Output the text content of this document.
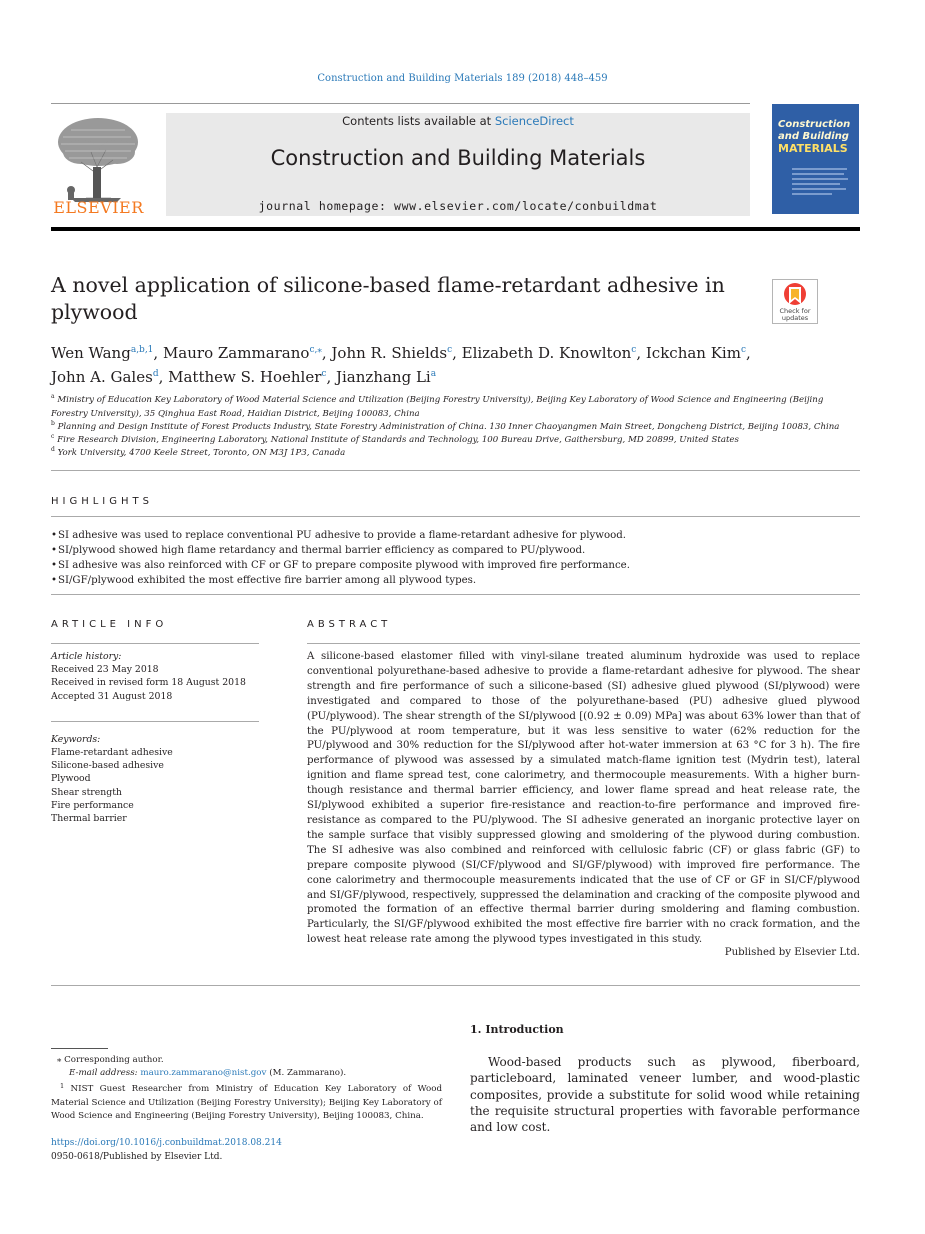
Construction and Building Materials 189 (2018) 448–459
ELSEVIER
Contents lists available at ScienceDirect
Construction and Building Materials
journal homepage: www.elsevier.com/locate/conbuildmat
Construction
and Building
MATERIALS
A novel application of silicone-based flame-retardant adhesive in plywood	Check for
updates
Wen Wang$^{a,b,1}$, Mauro Zammarano$^{c,⁎}$, John R. Shields$^c$, Elizabeth D. Knowlton$^c$, Ickchan Kim$^c$,
John A. Gales$^d$, Matthew S. Hoehler$^c$, Jianzhang Li$^a$
$^a$ Ministry of Education Key Laboratory of Wood Material Science and Utilization (Beijing Forestry University), Beijing Key Laboratory of Wood Science and Engineering (Beijing Forestry University), 35 Qinghua East Road, Haidian District, Beijing 100083, China
$^b$ Planning and Design Institute of Forest Products Industry, State Forestry Administration of China. 130 Inner Chaoyangmen Main Street, Dongcheng District, Beijing 10083, China
$^c$ Fire Research Division, Engineering Laboratory, National Institute of Standards and Technology, 100 Bureau Drive, Gaithersburg, MD 20899, United States
$^d$ York University, 4700 Keele Street, Toronto, ON M3J 1P3, Canada
HIGHLIGHTS
•SI adhesive was used to replace conventional PU adhesive to provide a flame-retardant adhesive for plywood.
•SI/plywood showed high flame retardancy and thermal barrier efficiency as compared to PU/plywood.
•SI adhesive was also reinforced with CF or GF to prepare composite plywood with improved fire performance.
•SI/GF/plywood exhibited the most effective fire barrier among all plywood types.
ARTICLE INFO
Article history:
Received 23 May 2018
Received in revised form 18 August 2018
Accepted 31 August 2018
Keywords:
Flame-retardant adhesive
Silicone-based adhesive
Plywood
Shear strength
Fire performance
Thermal barrier
ABSTRACT
A silicone-based elastomer filled with vinyl-silane treated aluminum hydroxide was used to replace conventional polyurethane-based adhesive to provide a flame-retardant adhesive for plywood. The shear strength and fire performance of such a silicone-based (SI) adhesive glued plywood (SI/plywood) were investigated and compared to those of the polyurethane-based (PU) adhesive glued plywood (PU/plywood). The shear strength of the SI/plywood [(0.92 ± 0.09) MPa] was about 63% lower than that of the PU/plywood at room temperature, but it was less sensitive to water (62% reduction for the PU/plywood and 30% reduction for the SI/plywood after hot-water immersion at 63 °C for 3 h). The fire performance of plywood was assessed by a simulated match-flame ignition test (Mydrin test), lateral ignition and flame spread test, cone calorimetry, and thermocouple measurements. With a higher burn-though resistance and thermal barrier efficiency, and lower flame spread and heat release rate, the SI/plywood exhibited a superior fire-resistance and reaction-to-fire performance and improved fire-resistance as compared to the PU/plywood. The SI adhesive generated an inorganic protective layer on the sample surface that visibly suppressed glowing and smoldering of the plywood during combustion. The SI adhesive was also combined and reinforced with cellulosic fabric (CF) or glass fabric (GF) to prepare composite plywood (SI/CF/plywood and SI/GF/plywood) with improved fire performance. The cone calorimetry and thermocouple measurements indicated that the use of CF or GF in SI/CF/plywood and SI/GF/plywood, respectively, suppressed the delamination and cracking of the composite plywood and promoted the formation of an effective thermal barrier during smoldering and flaming combustion. Particularly, the SI/GF/plywood exhibited the most effective fire barrier with no crack formation, and the lowest heat release rate among the plywood types investigated in this study.
Published by Elsevier Ltd.
1. Introduction
Wood-based products such as plywood, fiberboard, particleboard, laminated veneer lumber, and wood-plastic composites, provide a substitute for solid wood while retaining the requisite structural properties with favorable performance and low cost.
⁎ Corresponding author.
E-mail address: mauro.zammarano@nist.gov (M. Zammarano).
$^1$ NIST Guest Researcher from Ministry of Education Key Laboratory of Wood Material Science and Utilization (Beijing Forestry University); Beijing Key Laboratory of Wood Science and Engineering (Beijing Forestry University), Beijing 100083, China.
https://doi.org/10.1016/j.conbuildmat.2018.08.214
0950-0618/Published by Elsevier Ltd.
